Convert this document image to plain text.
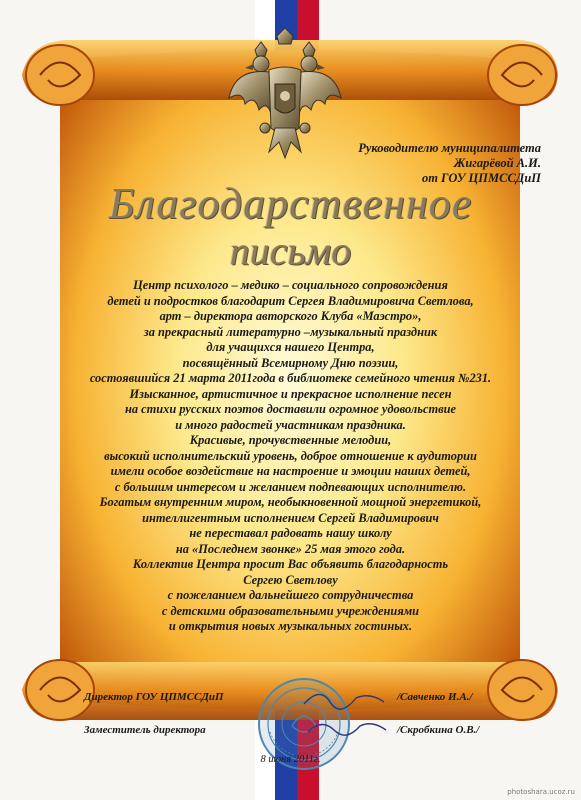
Руководителю муниципалитета
Жигарёвой А.И.
от ГОУ ЦПМССДиП
Благодарственное
письмо
Центр психолого – медико – социального сопровождения
детей и подростков благодарит Сергея Владимировича Светлова,
арт – директора авторского Клуба «Маэстро»,
за прекрасный литературно –музыкальный праздник
для учащихся нашего Центра,
посвящённый Всемирному Дню поэзии,
состоявшийся 21 марта 2011года в библиотеке семейного чтения №231.
Изысканное, артистичное и прекрасное исполнение песен
на стихи русских поэтов доставили огромное удовольствие
и много радостей участникам праздника.
Красивые, прочувственные мелодии,
высокий исполнительский уровень, доброе отношение к аудитории
имели особое воздействие на настроение и эмоции наших детей,
с большим интересом и желанием подпевающих исполнителю.
Богатым внутренним миром, необыкновенной мощной энергетикой,
интеллигентным исполнением Сергей Владимирович
не переставал радовать нашу школу
на «Последнем звонке» 25 мая этого года.
Коллектив Центра просит Вас объявить благодарность
Сергею Светлову
с пожеланием дальнейшего сотрудничества
с детскими образовательными учреждениями
и открытия новых музыкальных гостиных.
Директор ГОУ ЦПМССДиП	/Савченко И.А./
Заместитель директора	/Скробкина О.В./
8 июня 2011г.
photoshara.ucoz.ru
